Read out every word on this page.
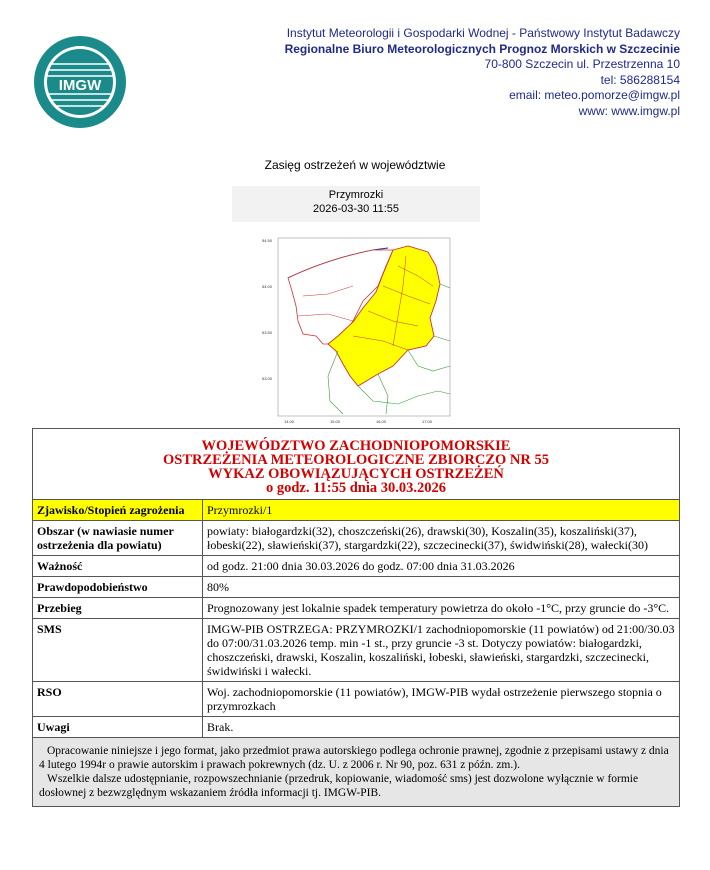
IMGW
Instytut Meteorologii i Gospodarki Wodnej - Państwowy Instytut Badawczy
Regionalne Biuro Meteorologicznych Prognoz Morskich w Szczecinie
70-800 Szczecin ul. Przestrzenna 10
tel: 586288154
email: meteo.pomorze@imgw.pl
www: www.imgw.pl
Zasięg ostrzeżeń w województwie
Przymrozki
2026-03-30 11:55
54.50
54.00
53.50
53.00
14.00	15.00	16.00	17.00
WOJEWÓDZTWO ZACHODNIOPOMORSKIE
OSTRZEŻENIA METEOROLOGICZNE ZBIORCZO NR 55
WYKAZ OBOWIĄZUJĄCYCH OSTRZEŻEŃ
o godz. 11:55 dnia 30.03.2026	

Zjawisko/Stopień zagrożenia	Przymrozki/1
Obszar (w nawiasie numer ostrzeżenia dla powiatu)	powiaty: białogardzki(32), choszczeński(26), drawski(30), Koszalin(35), koszaliński(37), łobeski(22), sławieński(37), stargardzki(22), szczecinecki(37), świdwiński(28), wałecki(30)
Ważność	od godz. 21:00 dnia 30.03.2026 do godz. 07:00 dnia 31.03.2026
Prawdopodobieństwo	80%
Przebieg	Prognozowany jest lokalnie spadek temperatury powietrza do około -1°C, przy gruncie do -3°C.
SMS	IMGW-PIB OSTRZEGA: PRZYMROZKI/1 zachodniopomorskie (11 powiatów) od 21:00/30.03 do 07:00/31.03.2026 temp. min -1 st., przy gruncie -3 st. Dotyczy powiatów: białogardzki, choszczeński, drawski, Koszalin, koszaliński, łobeski, sławieński, stargardzki, szczecinecki, świdwiński i wałecki.
RSO	Woj. zachodniopomorskie (11 powiatów), IMGW-PIB wydał ostrzeżenie pierwszego stopnia o przymrozkach
Uwagi	Brak.

Opracowanie niniejsze i jego format, jako przedmiot prawa autorskiego podlega ochronie prawnej, zgodnie z przepisami ustawy z dnia 4 lutego 1994r o prawie autorskim i prawach pokrewnych (dz. U. z 2006 r. Nr 90, poz. 631 z późn. zm.).

Wszelkie dalsze udostępnianie, rozpowszechnianie (przedruk, kopiowanie, wiadomość sms) jest dozwolone wyłącznie w formie dosłownej z bezwzględnym wskazaniem źródła informacji tj. IMGW-PIB.	
